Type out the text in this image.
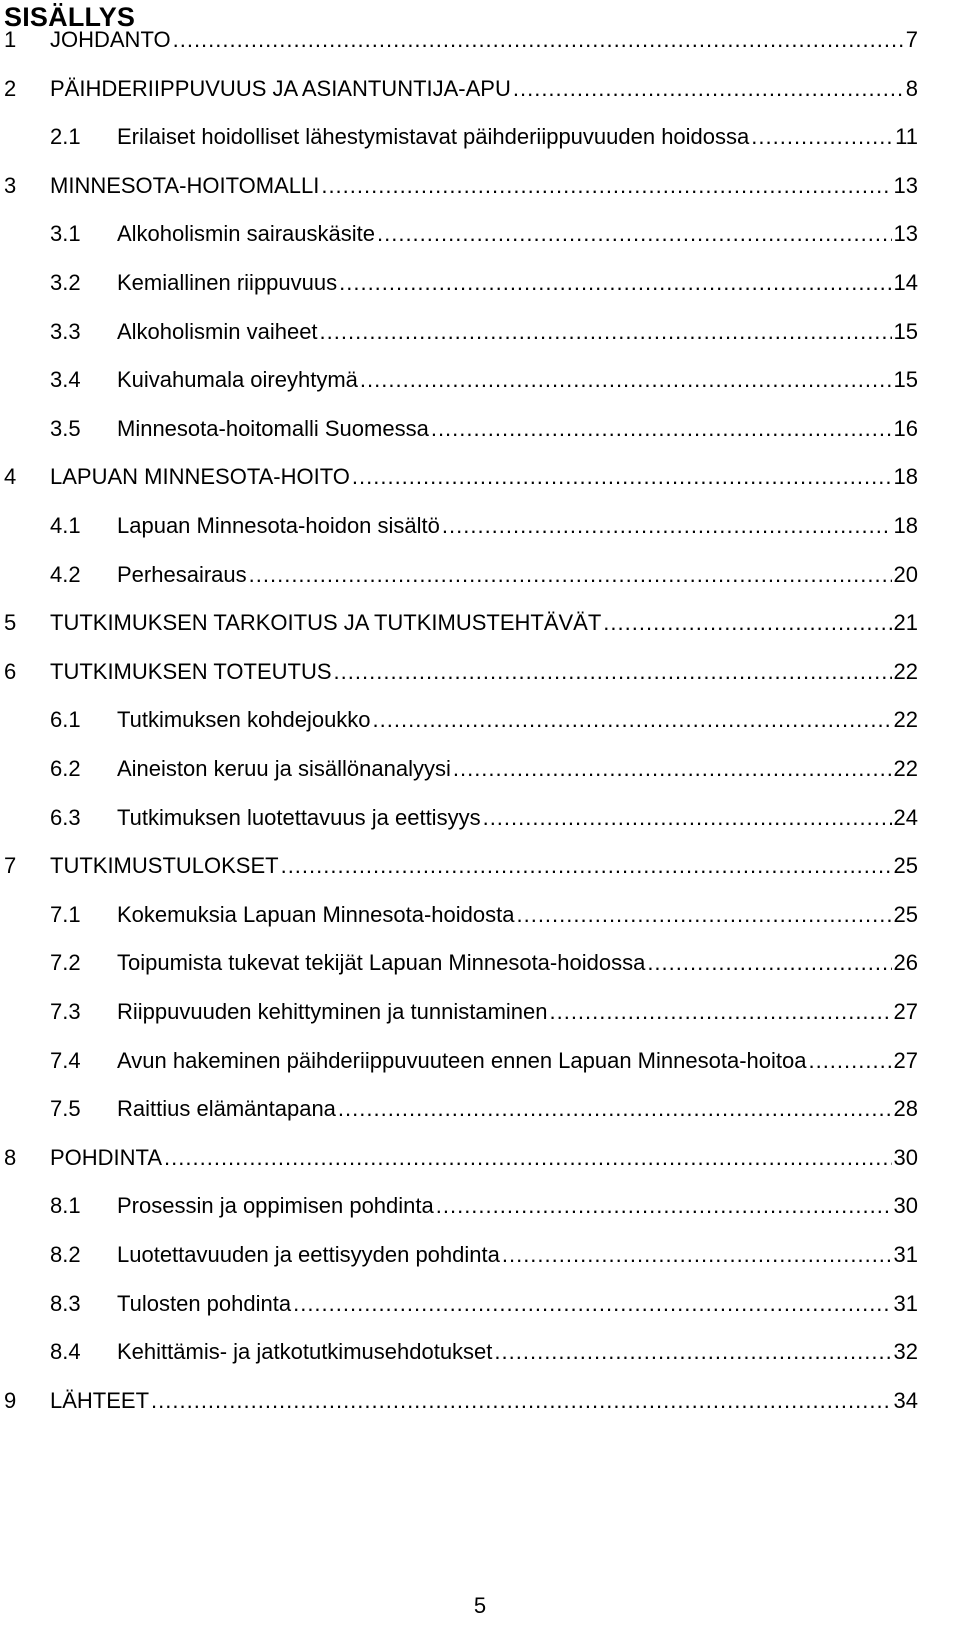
SISÄLLYS
1 JOHDANTO .....	7
2 PÄIHDERIIPPUVUUS JA ASIANTUNTIJA-APU .....	8
2.1 Erilaiset hoidolliset lähestymistavat päihderiippuvuuden hoidossa .....	11
3 MINNESOTA-HOITOMALLI .....	13
3.1 Alkoholismin sairauskäsite .....	13
3.2 Kemiallinen riippuvuus .....	14
3.3 Alkoholismin vaiheet .....	15
3.4 Kuivahumala oireyhtymä .....	15
3.5 Minnesota-hoitomalli Suomessa .....	16
4 LAPUAN MINNESOTA-HOITO .....	18
4.1 Lapuan Minnesota-hoidon sisältö .....	18
4.2 Perhesairaus .....	20
5 TUTKIMUKSEN TARKOITUS JA TUTKIMUSTEHTÄVÄT .....	21
6 TUTKIMUKSEN TOTEUTUS .....	22
6.1 Tutkimuksen kohdejoukko .....	22
6.2 Aineiston keruu ja sisällönanalyysi .....	22
6.3 Tutkimuksen luotettavuus ja eettisyys .....	24
7 TUTKIMUSTULOKSET .....	25
7.1 Kokemuksia Lapuan Minnesota-hoidosta .....	25
7.2 Toipumista tukevat tekijät Lapuan Minnesota-hoidossa .....	26
7.3 Riippuvuuden kehittyminen ja tunnistaminen .....	27
7.4 Avun hakeminen päihderiippuvuuteen ennen Lapuan Minnesota-hoitoa .....	27
7.5 Raittius elämäntapana .....	28
8 POHDINTA .....	30
8.1 Prosessin ja oppimisen pohdinta .....	30
8.2 Luotettavuuden ja eettisyyden pohdinta .....	31
8.3 Tulosten pohdinta .....	31
8.4 Kehittämis- ja jatkotutkimusehdotukset .....	32
9 LÄHTEET .....	34
5
